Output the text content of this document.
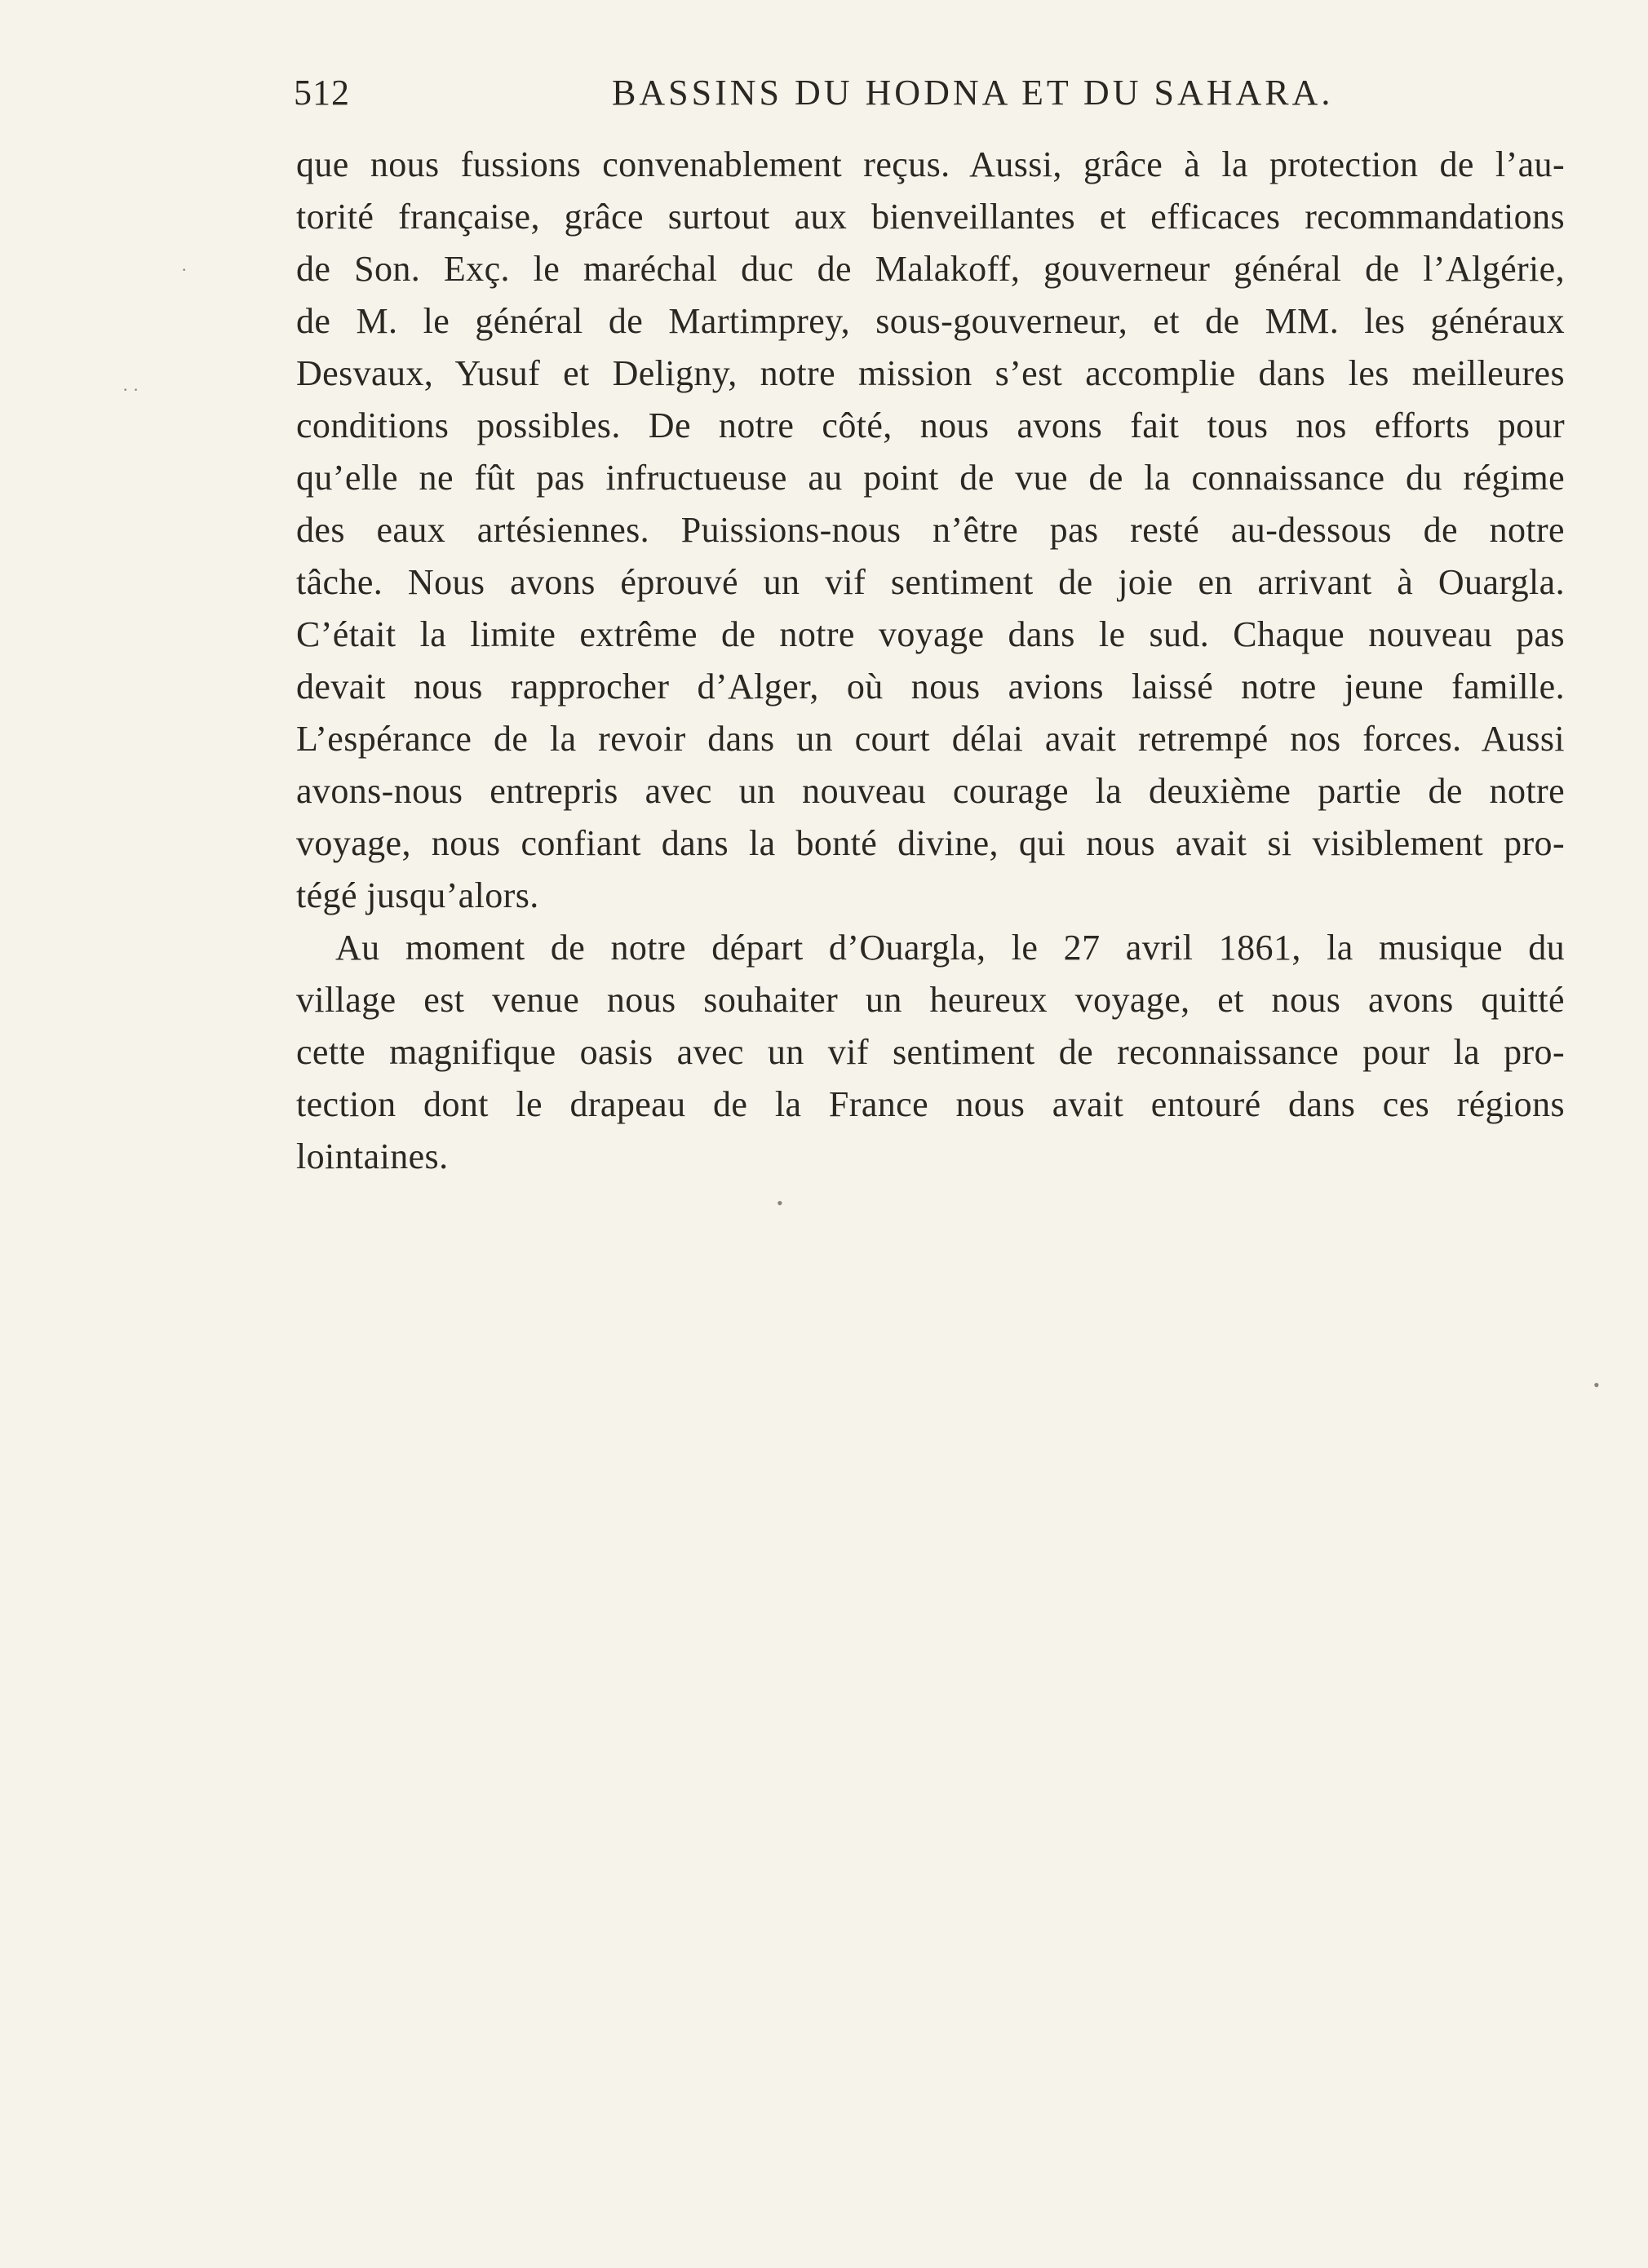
512	BASSINS DU HODNA ET DU SAHARA.
que nous fussions convenablement reçus. Aussi, grâce à la protection de l’au-
torité française, grâce surtout aux bienveillantes et efficaces recommandations
de Son. Exç. le maréchal duc de Malakoff, gouverneur général de l’Algérie,
de M. le général de Martimprey, sous-gouverneur, et de MM. les généraux
Desvaux, Yusuf et Deligny, notre mission s’est accomplie dans les meilleures
conditions possibles. De notre côté, nous avons fait tous nos efforts pour
qu’elle ne fût pas infructueuse au point de vue de la connaissance du régime
des eaux artésiennes. Puissions-nous n’être pas resté au-dessous de notre
tâche. Nous avons éprouvé un vif sentiment de joie en arrivant à Ouargla.
C’était la limite extrême de notre voyage dans le sud. Chaque nouveau pas
devait nous rapprocher d’Alger, où nous avions laissé notre jeune famille.
L’espérance de la revoir dans un court délai avait retrempé nos forces. Aussi
avons-nous entrepris avec un nouveau courage la deuxième partie de notre
voyage, nous confiant dans la bonté divine, qui nous avait si visiblement pro-
tégé jusqu’alors.
Au moment de notre départ d’Ouargla, le 27 avril 1861, la musique du
village est venue nous souhaiter un heureux voyage, et nous avons quitté
cette magnifique oasis avec un vif sentiment de reconnaissance pour la pro-
tection dont le drapeau de la France nous avait entouré dans ces régions
lointaines.
·
· ·
•
•
